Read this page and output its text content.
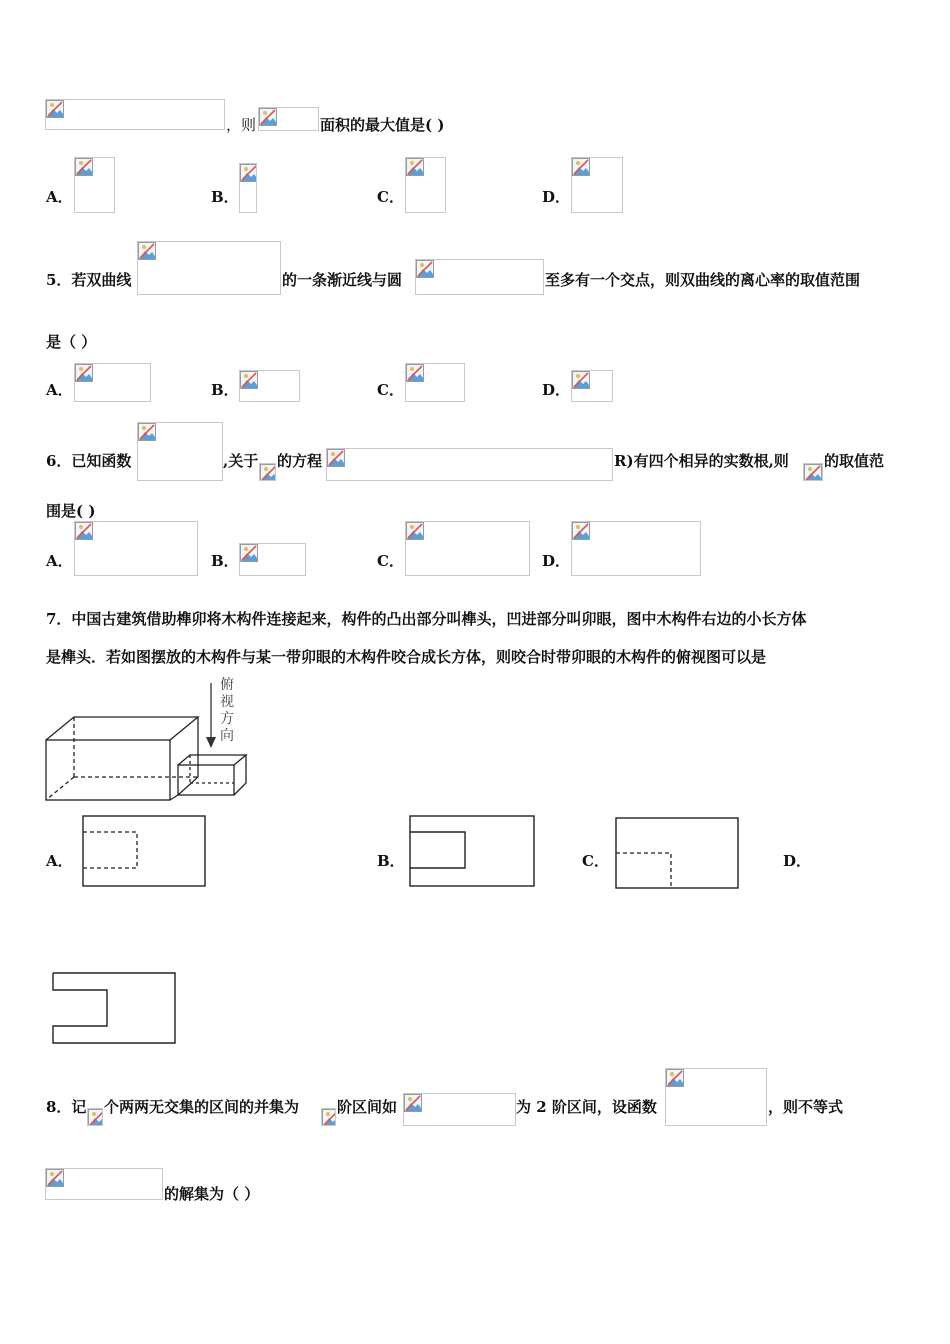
，则	面积的最大值是( )
A．	B．	C．	D．
5．若双曲线	的一条渐近线与圆	至多有一个交点，则双曲线的离心率的取值范围
是（ ）
A．	B．	C．	D．
6．已知函数	,关于 的方程	R)有四个相异的实数根,则 的取值范
围是( )
A．	B．	C．	D．
7．中国古建筑借助榫卯将木构件连接起来，构件的凸出部分叫榫头，凹进部分叫卯眼，图中木构件右边的小长方体
是榫头．若如图摆放的木构件与某一带卯眼的木构件咬合成长方体，则咬合时带卯眼的木构件的俯视图可以是
俯视方向
A．	B．	C．	D．
8．记 个两两无交集的区间的并集为	阶区间如	为 2 阶区间，设函数	，则不等式
的解集为（ ）
